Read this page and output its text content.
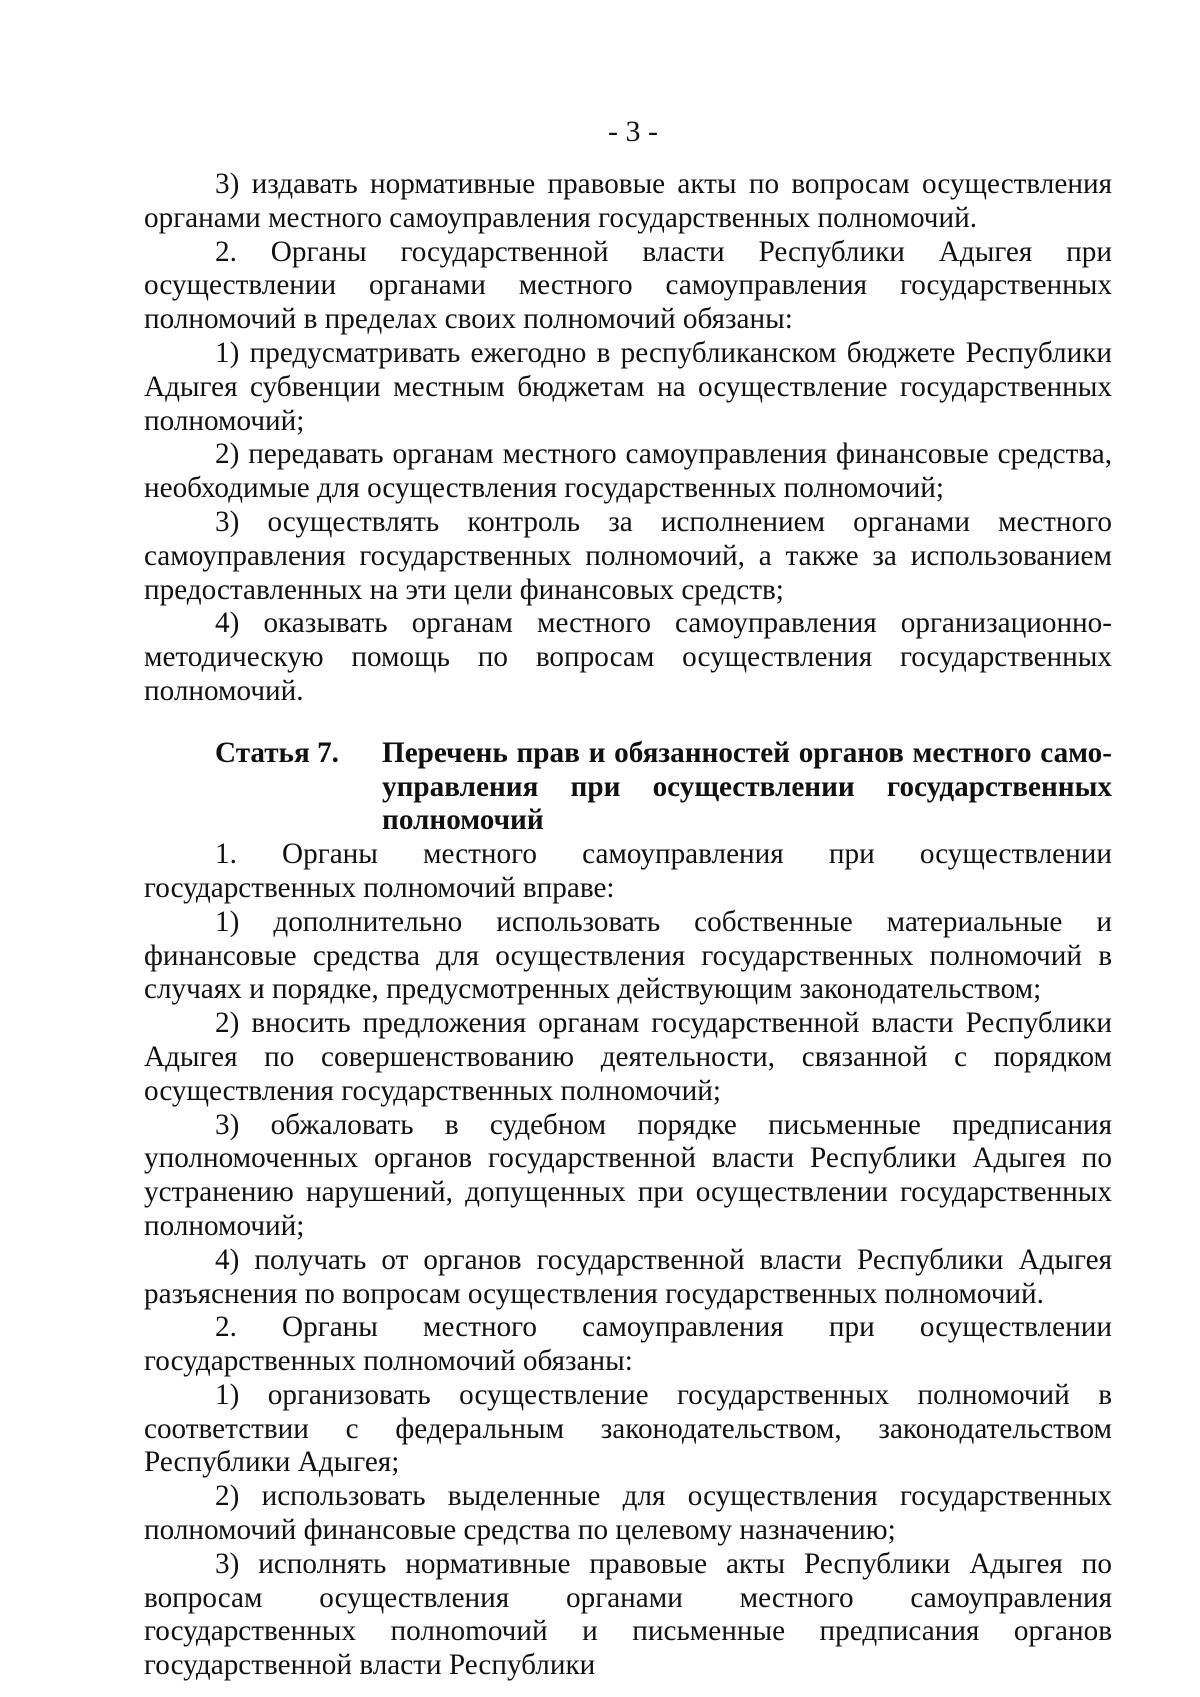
- 3 -

3) издавать нормативные правовые акты по вопросам осуществления органами местного самоуправления государственных полномочий.

2. Органы государственной власти Республики Адыгея при осуществлении органами местного самоуправления государственных полномочий в пределах своих полномочий обязаны:

1) предусматривать ежегодно в республиканском бюджете Республики Адыгея субвенции местным бюджетам на осуществление государственных полномочий;

2) передавать органам местного самоуправления финансовые средства, необходимые для осуществления государственных полномочий;

3) осуществлять контроль за исполнением органами местного самоуправления государственных полномочий, а также за использованием предоставленных на эти цели финансовых средств;

4) оказывать органам местного самоуправления организационно-методическую помощь по вопросам осуществления государственных полномочий.

Статья 7.	Перечень прав и обязанностей органов местного самоуправления при осуществлении государственных полномочий

1. Органы местного самоуправления при осуществлении государственных полномочий вправе:

1) дополнительно использовать собственные материальные и финансовые средства для осуществления государственных полномочий в случаях и порядке, предусмотренных действующим законодательством;

2) вносить предложения органам государственной власти Республики Адыгея по совершенствованию деятельности, связанной с порядком осуществления государственных полномочий;

3) обжаловать в судебном порядке письменные предписания уполномоченных органов государственной власти Республики Адыгея по устранению нарушений, допущенных при осуществлении государственных полномочий;

4) получать от органов государственной власти Республики Адыгея разъяснения по вопросам осуществления государственных полномочий.

2. Органы местного самоуправления при осуществлении государственных полномочий обязаны:

1) организовать осуществление государственных полномочий в соответствии с федеральным законодательством, законодательством Республики Адыгея;

2) использовать выделенные для осуществления государственных полномочий финансовые средства по целевому назначению;

3) исполнять нормативные правовые акты Республики Адыгея по вопросам осуществления органами местного самоуправления государственных полноmочий и письменные предписания органов государственной власти Республики
